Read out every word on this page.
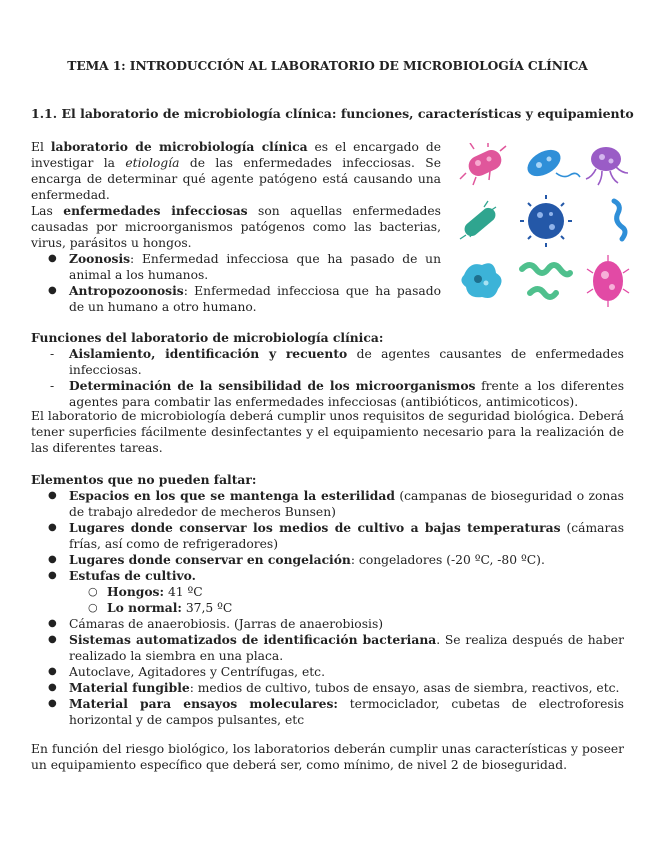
TEMA 1: INTRODUCCIÓN AL LABORATORIO DE MICROBIOLOGÍA CLÍNICA
1.1. El laboratorio de microbiología clínica: funciones, características y equipamiento

El laboratorio de microbiología clínica es el encargado de investigar la etiología de las enfermedades infecciosas. Se encarga de determinar qué agente patógeno está causando una enfermedad.

Las enfermedades infecciosas son aquellas enfermedades causadas por microorganismos patógenos como las bacterias, virus, parásitos u hongos.

● Zoonosis: Enfermedad infecciosa que ha pasado de un animal a los humanos.
● Antropozoonosis: Enfermedad infecciosa que ha pasado de un humano a otro humano.

Funciones del laboratorio de microbiología clínica:

- Aislamiento, identificación y recuento de agentes causantes de enfermedades infecciosas.
- Determinación de la sensibilidad de los microorganismos frente a los diferentes agentes para combatir las enfermedades infecciosas (antibióticos, antimicoticos).

El laboratorio de microbiología deberá cumplir unos requisitos de seguridad biológica. Deberá tener superficies fácilmente desinfectantes y el equipamiento necesario para la realización de las diferentes tareas.

Elementos que no pueden faltar:

● Espacios en los que se mantenga la esterilidad (campanas de bioseguridad o zonas de trabajo alrededor de mecheros Bunsen)
● Lugares donde conservar los medios de cultivo a bajas temperaturas (cámaras frías, así como de refrigeradores)
● Lugares donde conservar en congelación: congeladores (-20 ºC, -80 ºC).
● Estufas de cultivo.
○ Hongos: 41 ºC
○ Lo normal: 37,5 ºC
● Cámaras de anaerobiosis. (Jarras de anaerobiosis)
● Sistemas automatizados de identificación bacteriana. Se realiza después de haber realizado la siembra en una placa.
● Autoclave, Agitadores y Centrífugas, etc.
● Material fungible: medios de cultivo, tubos de ensayo, asas de siembra, reactivos, etc.
● Material para ensayos moleculares: termociclador, cubetas de electroforesis horizontal y de campos pulsantes, etc

En función del riesgo biológico, los laboratorios deberán cumplir unas características y poseer un equipamiento específico que deberá ser, como mínimo, de nivel 2 de bioseguridad.
